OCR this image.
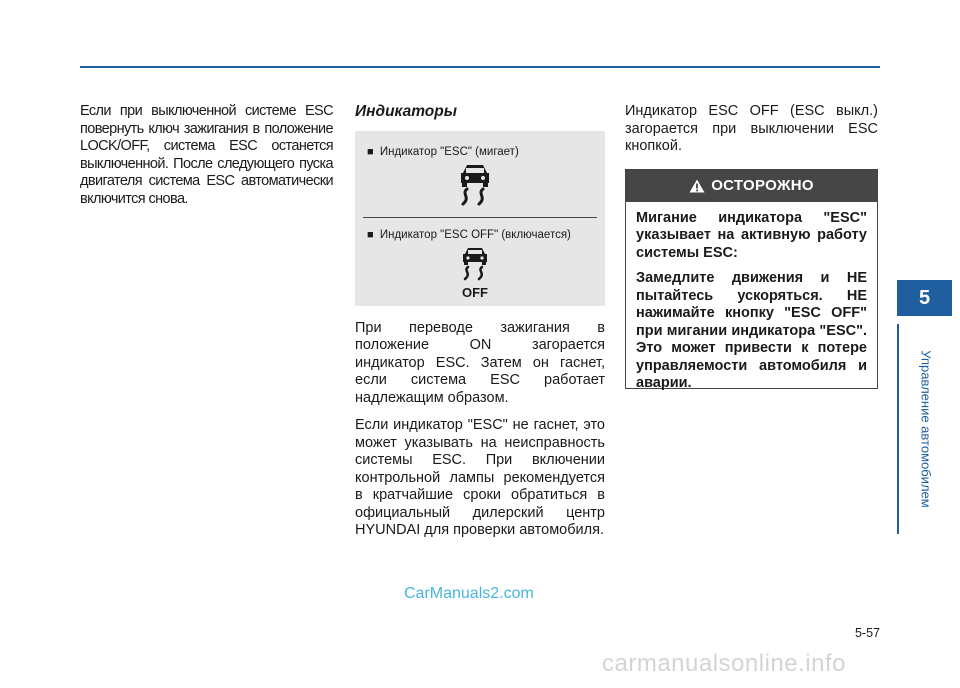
Если при выключенной системе ESC повернуть ключ зажигания в положение LOCK/OFF, система ESC останется выключенной. После следующего пуска двигателя система ESC автоматически включится снова.

Индикаторы
■ Индикатор "ESC" (мигает)
■ Индикатор "ESC OFF" (включается)
OFF

При переводе зажигания в положение ON загорается индикатор ESC. Затем он гаснет, если система ESC работает надлежащим образом.

Если индикатор "ESC" не гаснет, это может указывать на неисправность системы ESC. При включении контрольной лампы рекомендуется в кратчайшие сроки обратиться в официальный дилерский центр HYUNDAI для проверки автомобиля.

Индикатор ESC OFF (ESC выкл.) загорается при выключении ESC кнопкой.

ОСТОРОЖНО

Мигание индикатора "ESC" указывает на активную работу системы ESC:

Замедлите движения и НЕ пытайтесь ускоряться. НЕ нажимайте кнопку "ESC OFF" при мигании индикатора "ESC". Это может привести к потере управляемости автомобиля и аварии.

5
Управление автомобилем
5-57
CarManuals2.com
carmanualsonline.info
